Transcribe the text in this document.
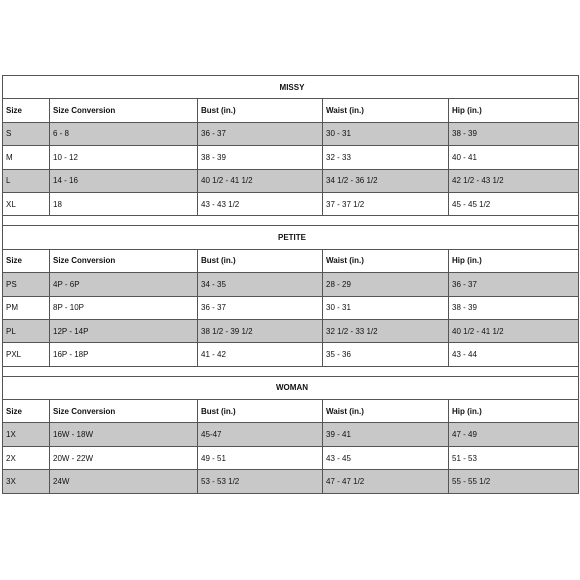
MISSY				
Size	Size Conversion	Bust (in.)	Waist (in.)	Hip (in.)
S	6 - 8	36 - 37	30 - 31	38 - 39
M	10 - 12	38 - 39	32 - 33	40 - 41
L	14 - 16	40 1/2 - 41 1/2	34 1/2 - 36 1/2	42 1/2 - 43 1/2
XL	18	43 - 43 1/2	37 - 37 1/2	45 - 45 1/2

PETITE				
Size	Size Conversion	Bust (in.)	Waist (in.)	Hip (in.)
PS	4P - 6P	34 - 35	28 - 29	36 - 37
PM	8P - 10P	36 - 37	30 - 31	38 - 39
PL	12P - 14P	38 1/2 - 39 1/2	32 1/2 - 33 1/2	40 1/2 - 41 1/2
PXL	16P - 18P	41 - 42	35 - 36	43 - 44

WOMAN				
Size	Size Conversion	Bust (in.)	Waist (in.)	Hip (in.)
1X	16W - 18W	45-47	39 - 41	47 - 49
2X	20W - 22W	49 - 51	43 - 45	51 - 53
3X	24W	53 - 53 1/2	47 - 47 1/2	55 - 55 1/2
